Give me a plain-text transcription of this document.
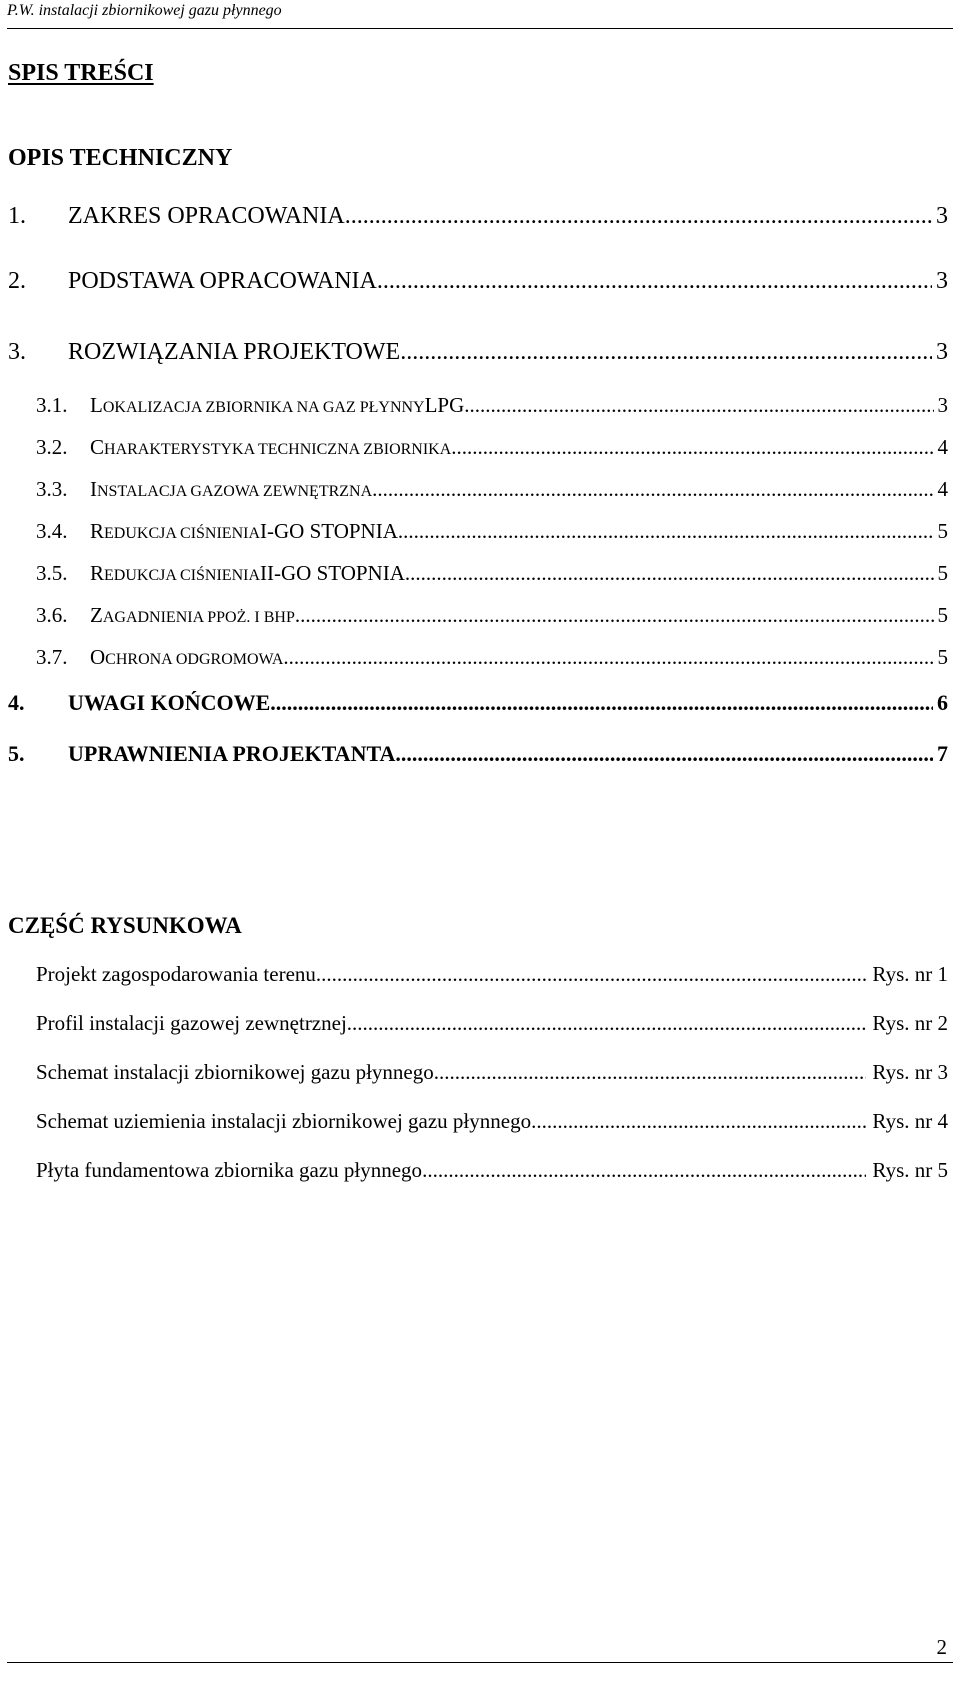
P.W. instalacji zbiornikowej gazu płynnego
SPIS TREŚCI
OPIS TECHNICZNY
1.	ZAKRES OPRACOWANIA .....	3
2.	PODSTAWA OPRACOWANIA .....	3
3.	ROZWIĄZANIA PROJEKTOWE .....	3
3.1.	L OKALIZACJA ZBIORNIKA NA GAZ PŁYNNY LPG .....	3
3.2.	C HARAKTERYSTYKA TECHNICZNA ZBIORNIKA .....	4
3.3.	I NSTALACJA GAZOWA ZEWNĘTRZNA .....	4
3.4.	R EDUKCJA CIŚNIENIA I-GO STOPNIA .....	5
3.5.	R EDUKCJA CIŚNIENIA II-GO STOPNIA .....	5
3.6.	Z AGADNIENIA PPOŻ. I BHP .....	5
3.7.	O CHRONA ODGROMOWA .....	5
4.	UWAGI KOŃCOWE .....	6
5.	UPRAWNIENIA PROJEKTANTA .....	7
CZĘŚĆ RYSUNKOWA
Projekt zagospodarowania terenu .....	Rys. nr 1
Profil instalacji gazowej zewnętrznej .....	Rys. nr 2
Schemat instalacji zbiornikowej gazu płynnego .....	Rys. nr 3
Schemat uziemienia instalacji zbiornikowej gazu płynnego .....	Rys. nr 4
Płyta fundamentowa zbiornika gazu płynnego .....	Rys. nr 5
2
